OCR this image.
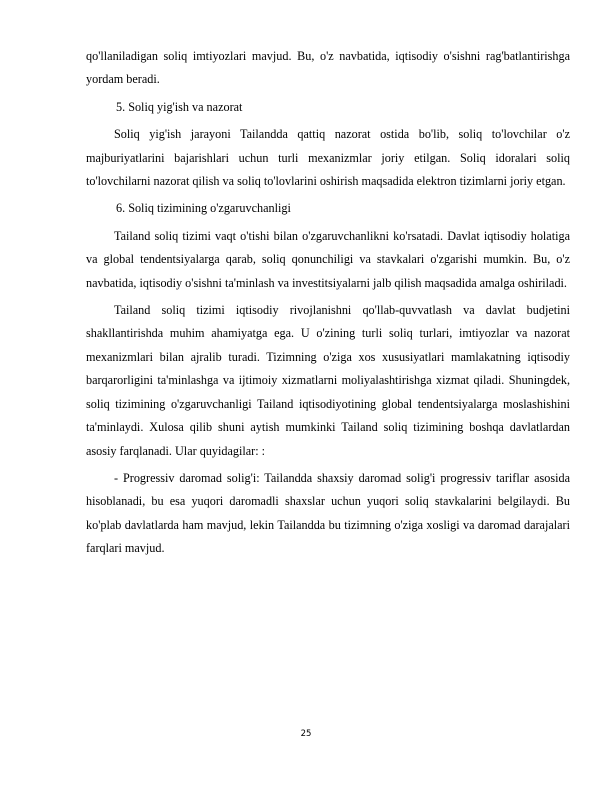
qo'llaniladigan soliq imtiyozlari mavjud. Bu, o'z navbatida, iqtisodiy o'sishni rag'batlantirishga yordam beradi.

5. Soliq yig'ish va nazorat

Soliq yig'ish jarayoni Tailandda qattiq nazorat ostida bo'lib, soliq to'lovchilar o'z majburiyatlarini bajarishlari uchun turli mexanizmlar joriy etilgan. Soliq idoralari soliq to'lovchilarni nazorat qilish va soliq to'lovlarini oshirish maqsadida elektron tizimlarni joriy etgan.

6. Soliq tizimining o'zgaruvchanligi

Tailand soliq tizimi vaqt o'tishi bilan o'zgaruvchanlikni ko'rsatadi. Davlat iqtisodiy holatiga va global tendentsiyalarga qarab, soliq qonunchiligi va stavkalari o'zgarishi mumkin. Bu, o'z navbatida, iqtisodiy o'sishni ta'minlash va investitsiyalarni jalb qilish maqsadida amalga oshiriladi.

Tailand soliq tizimi iqtisodiy rivojlanishni qo'llab-quvvatlash va davlat budjetini shakllantirishda muhim ahamiyatga ega. U o'zining turli soliq turlari, imtiyozlar va nazorat mexanizmlari bilan ajralib turadi. Tizimning o'ziga xos xususiyatlari mamlakatning iqtisodiy barqarorligini ta'minlashga va ijtimoiy xizmatlarni moliyalashtirishga xizmat qiladi. Shuningdek, soliq tizimining o'zgaruvchanligi Tailand iqtisodiyotining global tendentsiyalarga moslashishini ta'minlaydi. Xulosa qilib shuni aytish mumkinki Tailand soliq tizimining boshqa davlatlardan asosiy farqlanadi. Ular quyidagilar: :

- Progressiv daromad solig'i: Tailandda shaxsiy daromad solig'i progressiv tariflar asosida hisoblanadi, bu esa yuqori daromadli shaxslar uchun yuqori soliq stavkalarini belgilaydi. Bu ko'plab davlatlarda ham mavjud, lekin Tailandda bu tizimning o'ziga xosligi va daromad darajalari farqlari mavjud.

25
